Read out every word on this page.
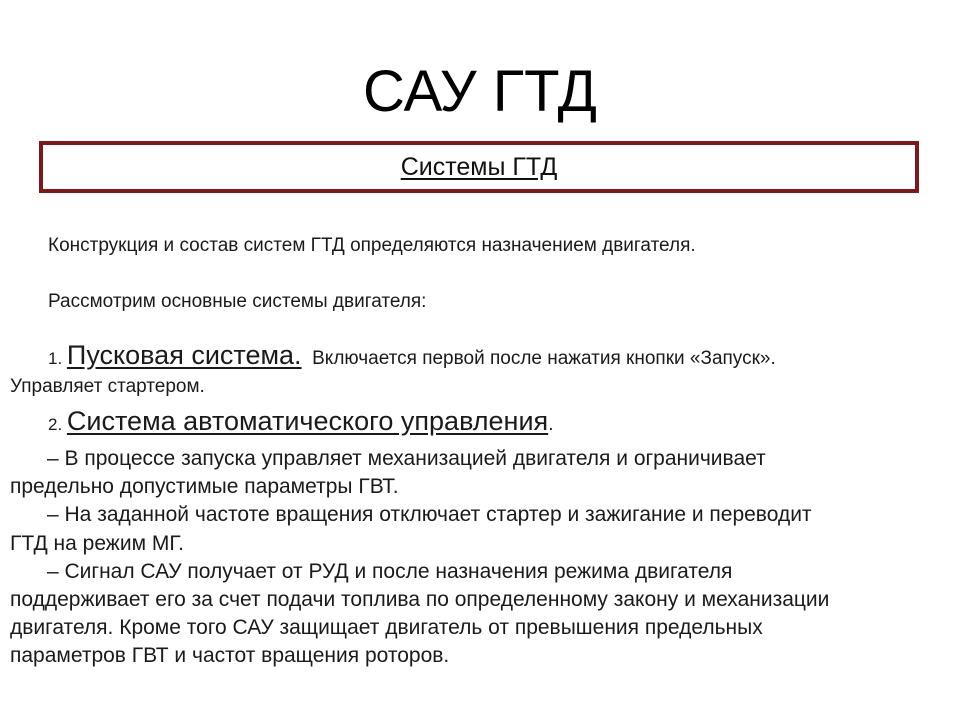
САУ ГТД
Системы ГТД
Конструкция и состав систем ГТД определяются назначением двигателя.
Рассмотрим основные системы двигателя:
1. Пусковая система.  Включается первой после нажатия кнопки «Запуск».
Управляет стартером.
2. Система автоматического управления.
– В процессе запуска управляет механизацией двигателя и ограничивает
предельно допустимые параметры ГВТ.
– На заданной частоте вращения отключает стартер и зажигание и переводит
ГТД на режим МГ.
– Сигнал САУ получает от РУД и после назначения режима двигателя
поддерживает его за счет подачи топлива по определенному закону и механизации
двигателя. Кроме того САУ защищает двигатель от превышения предельных
параметров ГВТ и частот вращения роторов.
